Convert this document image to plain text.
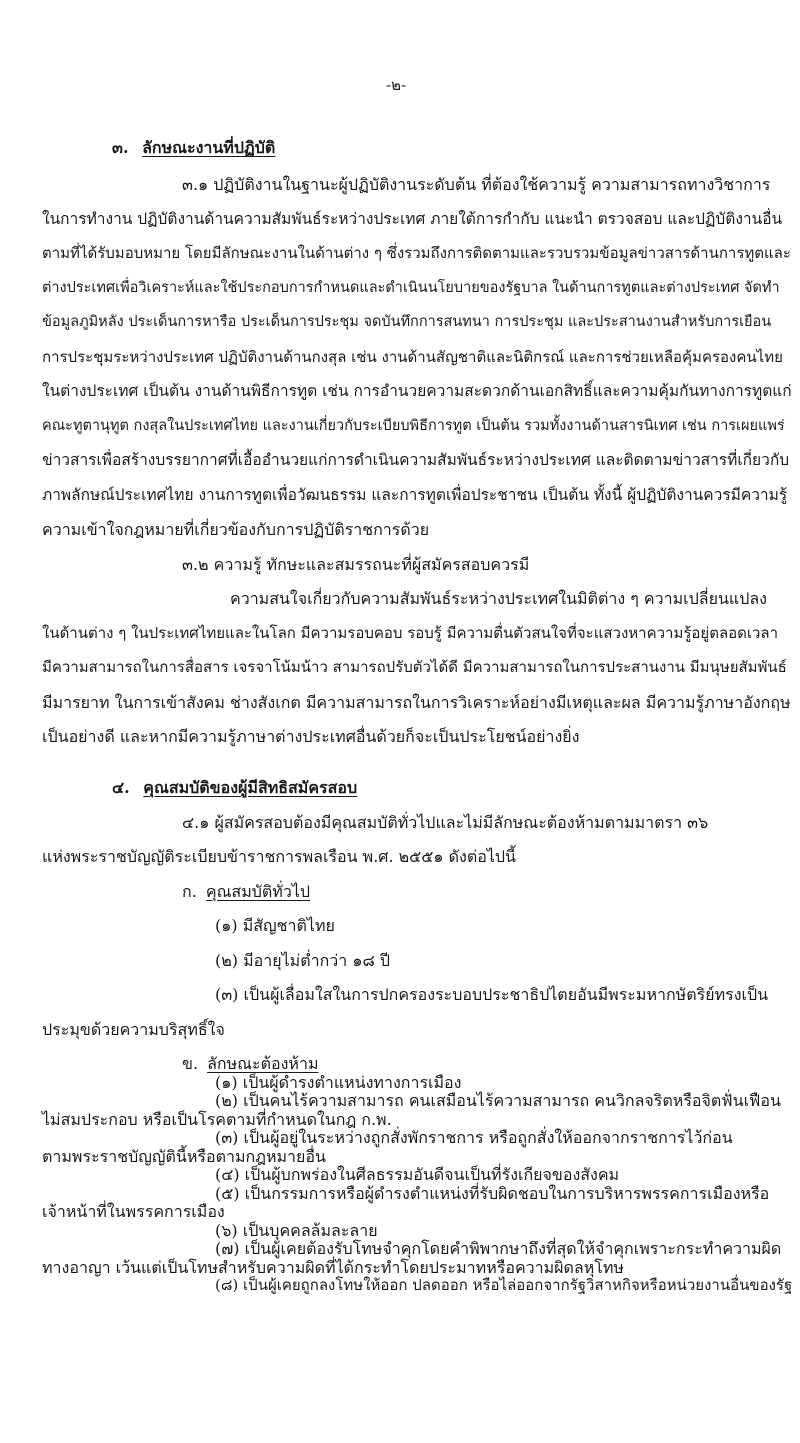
-๒-
๓. ลักษณะงานที่ปฏิบัติ
๓.๑ ปฏิบัติงานในฐานะผู้ปฏิบัติงานระดับต้น ที่ต้องใช้ความรู้ ความสามารถทางวิชาการ
ในการทำงาน ปฏิบัติงานด้านความสัมพันธ์ระหว่างประเทศ ภายใต้การกำกับ แนะนำ ตรวจสอบ และปฏิบัติงานอื่น
ตามที่ได้รับมอบหมาย โดยมีลักษณะงานในด้านต่าง ๆ ซึ่งรวมถึงการติดตามและรวบรวมข้อมูลข่าวสารด้านการทูตและ
ต่างประเทศเพื่อวิเคราะห์และใช้ประกอบการกำหนดและดำเนินนโยบายของรัฐบาล ในด้านการทูตและต่างประเทศ จัดทำ
ข้อมูลภูมิหลัง ประเด็นการหารือ ประเด็นการประชุม จดบันทึกการสนทนา การประชุม และประสานงานสำหรับการเยือน
การประชุมระหว่างประเทศ ปฏิบัติงานด้านกงสุล เช่น งานด้านสัญชาติและนิติกรณ์ และการช่วยเหลือคุ้มครองคนไทย
ในต่างประเทศ เป็นต้น งานด้านพิธีการทูต เช่น การอำนวยความสะดวกด้านเอกสิทธิ์และความคุ้มกันทางการทูตแก่
คณะทูตานุทูต กงสุลในประเทศไทย และงานเกี่ยวกับระเบียบพิธีการทูต เป็นต้น รวมทั้งงานด้านสารนิเทศ เช่น การเผยแพร่
ข่าวสารเพื่อสร้างบรรยากาศที่เอื้ออำนวยแก่การดำเนินความสัมพันธ์ระหว่างประเทศ และติดตามข่าวสารที่เกี่ยวกับ
ภาพลักษณ์ประเทศไทย งานการทูตเพื่อวัฒนธรรม และการทูตเพื่อประชาชน เป็นต้น ทั้งนี้ ผู้ปฏิบัติงานควรมีความรู้
ความเข้าใจกฎหมายที่เกี่ยวข้องกับการปฏิบัติราชการด้วย
๓.๒ ความรู้ ทักษะและสมรรถนะที่ผู้สมัครสอบควรมี
ความสนใจเกี่ยวกับความสัมพันธ์ระหว่างประเทศในมิติต่าง ๆ ความเปลี่ยนแปลง
ในด้านต่าง ๆ ในประเทศไทยและในโลก มีความรอบคอบ รอบรู้ มีความตื่นตัวสนใจที่จะแสวงหาความรู้อยู่ตลอดเวลา
มีความสามารถในการสื่อสาร เจรจาโน้มน้าว สามารถปรับตัวได้ดี มีความสามารถในการประสานงาน มีมนุษยสัมพันธ์
มีมารยาท ในการเข้าสังคม ช่างสังเกต มีความสามารถในการวิเคราะห์อย่างมีเหตุและผล มีความรู้ภาษาอังกฤษ
เป็นอย่างดี และหากมีความรู้ภาษาต่างประเทศอื่นด้วยก็จะเป็นประโยชน์อย่างยิ่ง
๔. คุณสมบัติของผู้มีสิทธิสมัครสอบ
๔.๑ ผู้สมัครสอบต้องมีคุณสมบัติทั่วไปและไม่มีลักษณะต้องห้ามตามมาตรา ๓๖
แห่งพระราชบัญญัติระเบียบข้าราชการพลเรือน พ.ศ. ๒๕๕๑ ดังต่อไปนี้
ก. คุณสมบัติทั่วไป
(๑) มีสัญชาติไทย
(๒) มีอายุไม่ต่ำกว่า ๑๘ ปี
(๓) เป็นผู้เลื่อมใสในการปกครองระบอบประชาธิปไตยอันมีพระมหากษัตริย์ทรงเป็น
ประมุขด้วยความบริสุทธิ์ใจ
ข. ลักษณะต้องห้าม
(๑) เป็นผู้ดำรงตำแหน่งทางการเมือง
(๒) เป็นคนไร้ความสามารถ คนเสมือนไร้ความสามารถ คนวิกลจริตหรือจิตฟั่นเฟือน
ไม่สมประกอบ หรือเป็นโรคตามที่กำหนดในกฎ ก.พ.
(๓) เป็นผู้อยู่ในระหว่างถูกสั่งพักราชการ หรือถูกสั่งให้ออกจากราชการไว้ก่อน
ตามพระราชบัญญัตินี้หรือตามกฎหมายอื่น
(๔) เป็นผู้บกพร่องในศีลธรรมอันดีจนเป็นที่รังเกียจของสังคม
(๕) เป็นกรรมการหรือผู้ดำรงตำแหน่งที่รับผิดชอบในการบริหารพรรคการเมืองหรือ
เจ้าหน้าที่ในพรรคการเมือง
(๖) เป็นบุคคลล้มละลาย
(๗) เป็นผู้เคยต้องรับโทษจำคุกโดยคำพิพากษาถึงที่สุดให้จำคุกเพราะกระทำความผิด
ทางอาญา เว้นแต่เป็นโทษสำหรับความผิดที่ได้กระทำโดยประมาทหรือความผิดลหุโทษ
(๘) เป็นผู้เคยถูกลงโทษให้ออก ปลดออก หรือไล่ออกจากรัฐวิสาหกิจหรือหน่วยงานอื่นของรัฐ
